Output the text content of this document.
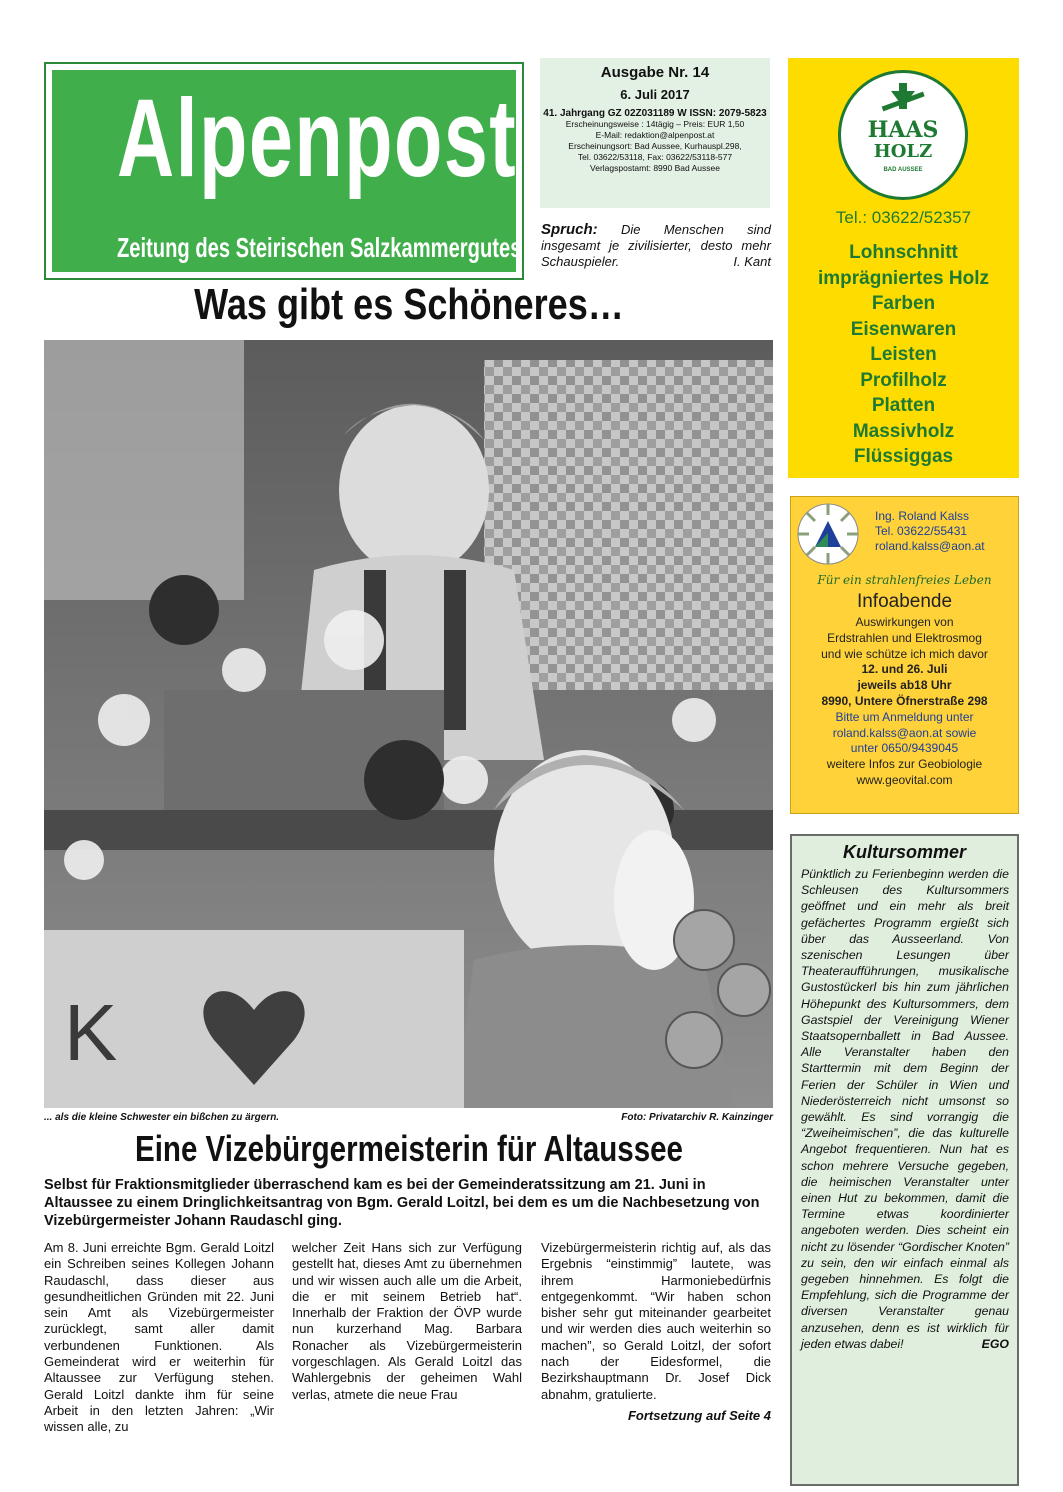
Alpenpost
Zeitung des Steirischen Salzkammergutes
Ausgabe Nr. 14
6. Juli 2017
41. Jahrgang GZ 02Z031189 W ISSN: 2079-5823
Erscheinungsweise : 14tägig – Preis: EUR 1,50
E-Mail: redaktion@alpenpost.at
Erscheinungsort: Bad Aussee, Kurhauspl.298,
Tel. 03622/53118, Fax: 03622/53118-577
Verlagspostamt: 8990 Bad Aussee
Spruch: Die Menschen sind insgesamt je zivilisierter, desto mehr Schauspieler.	I. Kant
Was gibt es Schöneres…
K
... als die kleine Schwester ein bißchen zu ärgern.	Foto: Privatarchiv R. Kainzinger
Eine Vizebürgermeisterin für Altaussee
Selbst für Fraktionsmitglieder überraschend kam es bei der Gemeinderatssitzung am 21. Juni in Altaussee zu einem Dringlichkeitsantrag von Bgm. Gerald Loitzl, bei dem es um die Nachbesetzung von Vizebürgermeister Johann Raudaschl ging.
Am 8. Juni erreichte Bgm. Gerald Loitzl ein Schreiben seines Kollegen Johann Raudaschl, dass dieser aus gesundheitlichen Gründen mit 22. Juni sein Amt als Vizebürgermeister zurücklegt, samt aller damit verbundenen Funktionen. Als Gemeinderat wird er weiterhin für Altaussee zur Verfügung stehen. Gerald Loitzl dankte ihm für seine Arbeit in den letzten Jahren: „Wir wissen alle, zu
welcher Zeit Hans sich zur Verfügung gestellt hat, dieses Amt zu übernehmen und wir wissen auch alle um die Arbeit, die er mit seinem Betrieb hat“. Innerhalb der Fraktion der ÖVP wurde nun kurzerhand Mag. Barbara Ronacher als Vizebürgermeisterin vorgeschlagen. Als Gerald Loitzl das Wahlergebnis der geheimen Wahl verlas, atmete die neue Frau
Vizebürgermeisterin richtig auf, als das Ergebnis “einstimmig” lautete, was ihrem Harmoniebedürfnis entgegenkommt. “Wir haben schon bisher sehr gut miteinander gearbeitet und wir werden dies auch weiterhin so machen”, so Gerald Loitzl, der sofort nach der Eidesformel, die Bezirkshauptmann Dr. Josef Dick abnahm, gratulierte.
Fortsetzung auf Seite 4
HAAS
HOLZ
BAD AUSSEE
Tel.: 03622/52357
Lohnschnitt
imprägniertes Holz
Farben
Eisenwaren
Leisten
Profilholz
Platten
Massivholz
Flüssiggas
Ing. Roland Kalss
Tel. 03622/55431
roland.kalss@aon.at
Für ein strahlenfreies Leben
Infoabende
Auswirkungen von
Erdstrahlen und Elektrosmog
und wie schütze ich mich davor
12. und 26. Juli
jeweils ab18 Uhr
8990, Untere Öfnerstraße 298
Bitte um Anmeldung unter
roland.kalss@aon.at sowie
unter 0650/9439045
weitere Infos zur Geobiologie
www.geovital.com
Kultursommer
Pünktlich zu Ferienbeginn werden die Schleusen des Kultursommers geöffnet und ein mehr als breit gefächertes Programm ergießt sich über das Ausseerland. Von szenischen Lesungen über Theateraufführungen, musikalische Gustostückerl bis hin zum jährlichen Höhepunkt des Kultursommers, dem Gastspiel der Vereinigung Wiener Staatsopernballett in Bad Aussee. Alle Veranstalter haben den Starttermin mit dem Beginn der Ferien der Schüler in Wien und Niederösterreich nicht umsonst so gewählt. Es sind vorrangig die “Zweiheimischen”, die das kulturelle Angebot frequentieren. Nun hat es schon mehrere Versuche gegeben, die heimischen Veranstalter unter einen Hut zu bekommen, damit die Termine etwas koordinierter angeboten werden. Dies scheint ein nicht zu lösender “Gordischer Knoten” zu sein, den wir einfach einmal als gegeben hinnehmen. Es folgt die Empfehlung, sich die Programme der diversen Veranstalter genau anzusehen, denn es ist wirklich für jeden etwas dabei!	EGO
